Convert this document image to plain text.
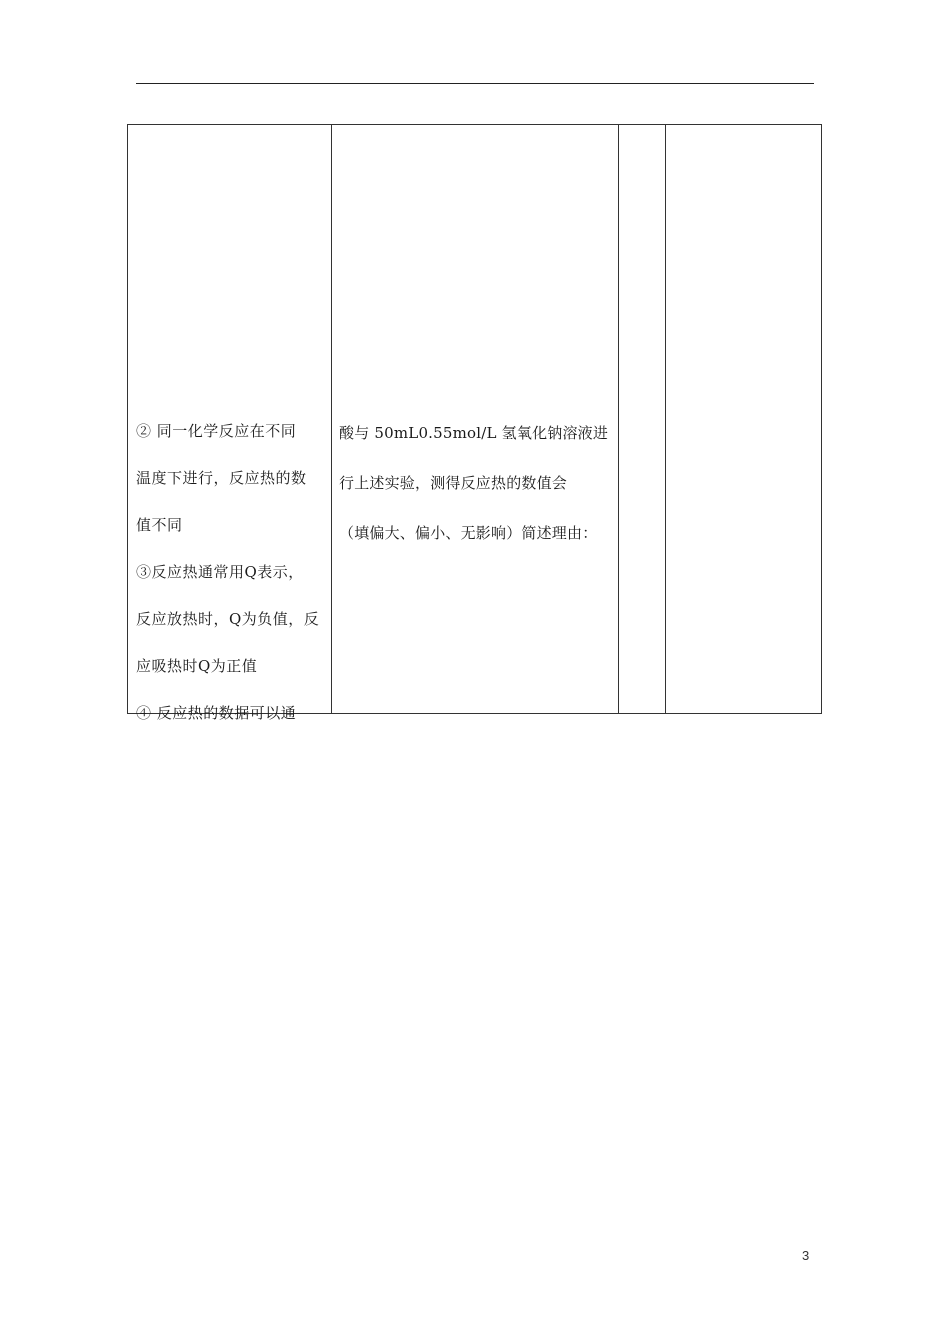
② 同一化学反应在不同
温度下进行，反应热的数
值不同
③反应热通常用Q表示，
反应放热时，Q为负值，反
应吸热时Q为正值
④ 反应热的数据可以通
酸与 50mL0.55mol/L 氢氧化钠溶液进
行上述实验，测得反应热的数值会
（填偏大、偏小、无影响）简述理由：
3
